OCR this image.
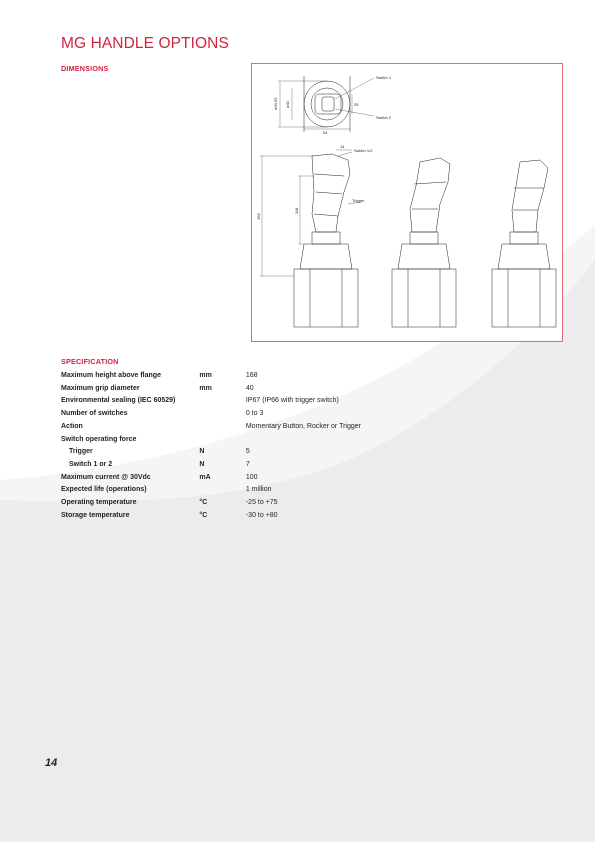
MG HANDLE OPTIONS
DIMENSIONS
Switch 1
Switch 2
Switch 1/2
Trigger
ø63,55 ø40	25
54
14
168
118
SPECIFICATION
Maximum height above flange	mm	168
Maximum grip diameter	mm	40
Environmental sealing (IEC 60529)		IP67 (IP66 with trigger switch)
Number of switches		0 to 3
Action		Momentary Button, Rocker or Trigger
Switch operating force		
Trigger	N	5
Switch 1 or 2	N	7
Maximum current @ 30Vdc	mA	100
Expected life (operations)		1 million
Operating temperature	°C	-25 to +75
Storage temperature	°C	-30 to +80
14
